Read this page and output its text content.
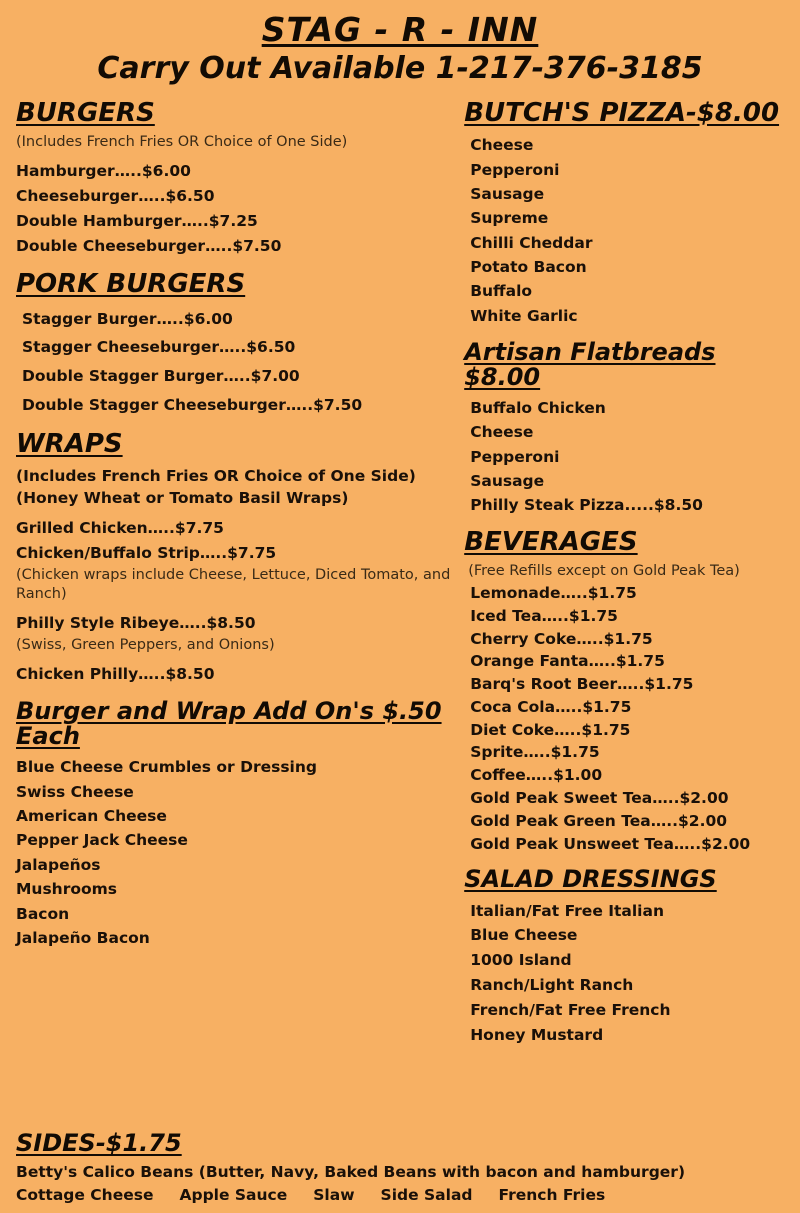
STAG - R - INN
Carry Out Available 1-217-376-3185
BURGERS
(Includes French Fries OR Choice of One Side)
Hamburger…..$6.00
Cheeseburger…..$6.50
Double Hamburger…..$7.25
Double Cheeseburger…..$7.50
PORK BURGERS
Stagger Burger…..$6.00
Stagger Cheeseburger…..$6.50
Double Stagger Burger…..$7.00
Double Stagger Cheeseburger…..$7.50
WRAPS
(Includes French Fries OR Choice of One Side)
(Honey Wheat or Tomato Basil Wraps)
Grilled Chicken…..$7.75
Chicken/Buffalo Strip…..$7.75
(Chicken wraps include Cheese, Lettuce, Diced Tomato, and Ranch)
Philly Style Ribeye…..$8.50
(Swiss, Green Peppers, and Onions)
Chicken Philly…..$8.50
Burger and Wrap Add On's $.50 Each
Blue Cheese Crumbles or Dressing
Swiss Cheese
American Cheese
Pepper Jack Cheese
Jalapeños
Mushrooms
Bacon
Jalapeño Bacon
BUTCH'S PIZZA-$8.00
Cheese
Pepperoni
Sausage
Supreme
Chilli Cheddar
Potato Bacon
Buffalo
White Garlic
Artisan Flatbreads $8.00
Buffalo Chicken
Cheese
Pepperoni
Sausage
Philly Steak Pizza.....$8.50
BEVERAGES
(Free Refills except on Gold Peak Tea)
Lemonade…..$1.75
Iced Tea…..$1.75
Cherry Coke…..$1.75
Orange Fanta…..$1.75
Barq's Root Beer…..$1.75
Coca Cola…..$1.75
Diet Coke…..$1.75
Sprite…..$1.75
Coffee…..$1.00
Gold Peak Sweet Tea…..$2.00
Gold Peak Green Tea…..$2.00
Gold Peak Unsweet Tea…..$2.00
SALAD DRESSINGS
Italian/Fat Free Italian
Blue Cheese
1000 Island
Ranch/Light Ranch
French/Fat Free French
Honey Mustard
SIDES-$1.75
Betty's Calico Beans (Butter, Navy, Baked Beans with bacon and hamburger)
Cottage Cheese Apple Sauce Slaw Side Salad French Fries
